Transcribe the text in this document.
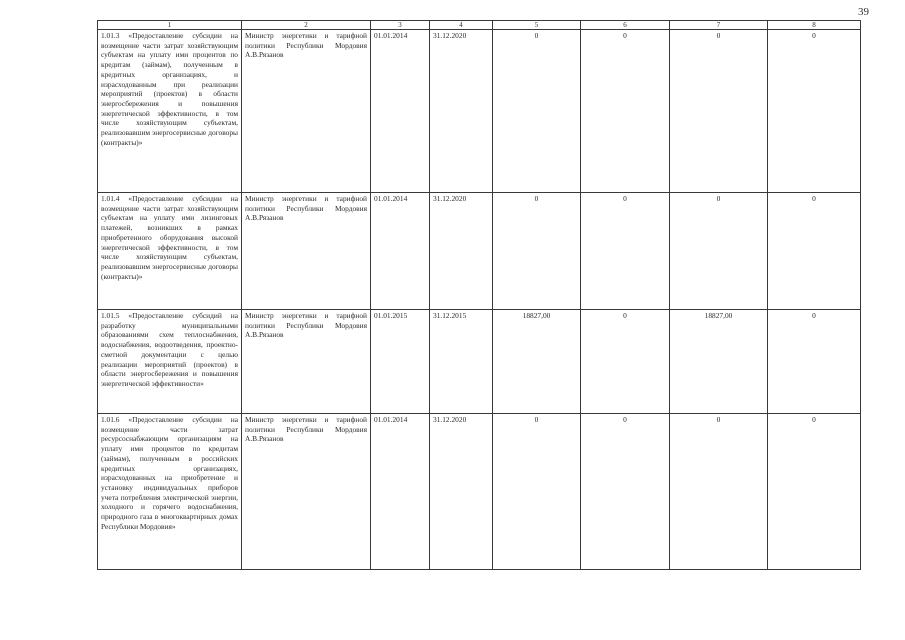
39
1	2	3	4	5	6	7	8
1.01.3 «Предоставление субсидии на возмещение части затрат хозяйствующим субъектам на уплату ими процентов по кредитам (займам), полученным в кредитных организациях, и израсходованным при реализации мероприятий (проектов) в области энергосбережения и повышения энергетической эффективности, в том числе хозяйствующим субъектам, реализовавшим энергосервисные договоры (контракты)»	Министр энергетики и тарифной политики Республики Мордовия А.В.Рязанов	01.01.2014	31.12.2020	0	0	0	0
1.01.4 «Предоставление субсидии на возмещение части затрат хозяйствующим субъектам на уплату ими лизинговых платежей, возникших в рамках приобретенного оборудования высокой энергетической эффективности, в том числе хозяйствующим субъектам, реализовавшим энергосервисные договоры (контракты)»	Министр энергетики и тарифной политики Республики Мордовия А.В.Рязанов	01.01.2014	31.12.2020	0	0	0	0
1.01.5 «Предоставление субсидий на разработку муниципальными образованиями схем теплоснабжения, водоснабжения, водоотведения, проектно-сметной документации с целью реализации мероприятий (проектов) в области энергосбережения и повышения энергетической эффективности»	Министр энергетики и тарифной политики Республики Мордовия А.В.Рязанов	01.01.2015	31.12.2015	18827,00	0	18827,00	0
1.01.6 «Предоставление субсидии на возмещение части затрат ресурсоснабжающим организациям на уплату ими процентов по кредитам (займам), полученным в российских кредитных организациях, израсходованных на приобретение и установку индивидуальных приборов учета потребления электрической энергии, холодного и горячего водоснабжения, природного газа в многоквартирных домах Республики Мордовия»	Министр энергетики и тарифной политики Республики Мордовия А.В.Рязанов	01.01.2014	31.12.2020	0	0	0	0
